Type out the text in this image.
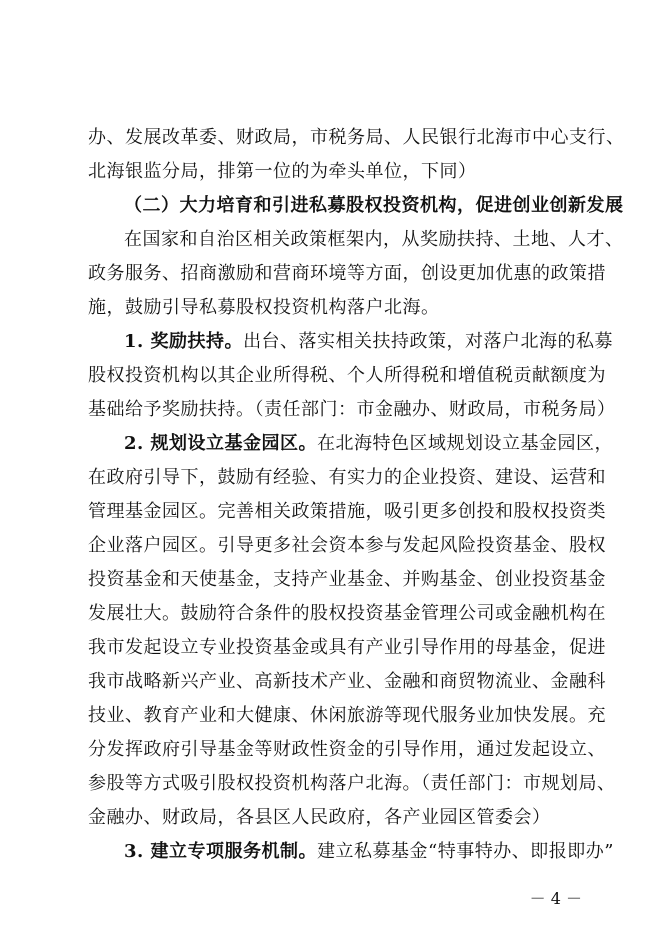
办、发展改革委、财政局，市税务局、人民银行北海市中心支行、
北海银监分局，排第一位的为牵头单位，下同）
（二）大力培育和引进私募股权投资机构，促进创业创新发展
在国家和自治区相关政策框架内，从奖励扶持、土地、人才、
政务服务、招商激励和营商环境等方面，创设更加优惠的政策措
施，鼓励引导私募股权投资机构落户北海。
1. 奖励扶持。出台、落实相关扶持政策，对落户北海的私募
股权投资机构以其企业所得税、个人所得税和增值税贡献额度为
基础给予奖励扶持。（责任部门：市金融办、财政局，市税务局）
2. 规划设立基金园区。在北海特色区域规划设立基金园区，
在政府引导下，鼓励有经验、有实力的企业投资、建设、运营和
管理基金园区。完善相关政策措施，吸引更多创投和股权投资类
企业落户园区。引导更多社会资本参与发起风险投资基金、股权
投资基金和天使基金，支持产业基金、并购基金、创业投资基金
发展壮大。鼓励符合条件的股权投资基金管理公司或金融机构在
我市发起设立专业投资基金或具有产业引导作用的母基金，促进
我市战略新兴产业、高新技术产业、金融和商贸物流业、金融科
技业、教育产业和大健康、休闲旅游等现代服务业加快发展。充
分发挥政府引导基金等财政性资金的引导作用，通过发起设立、
参股等方式吸引股权投资机构落户北海。（责任部门：市规划局、
金融办、财政局，各县区人民政府，各产业园区管委会）
3. 建立专项服务机制。建立私募基金“特事特办、即报即办”
－ 4 －
